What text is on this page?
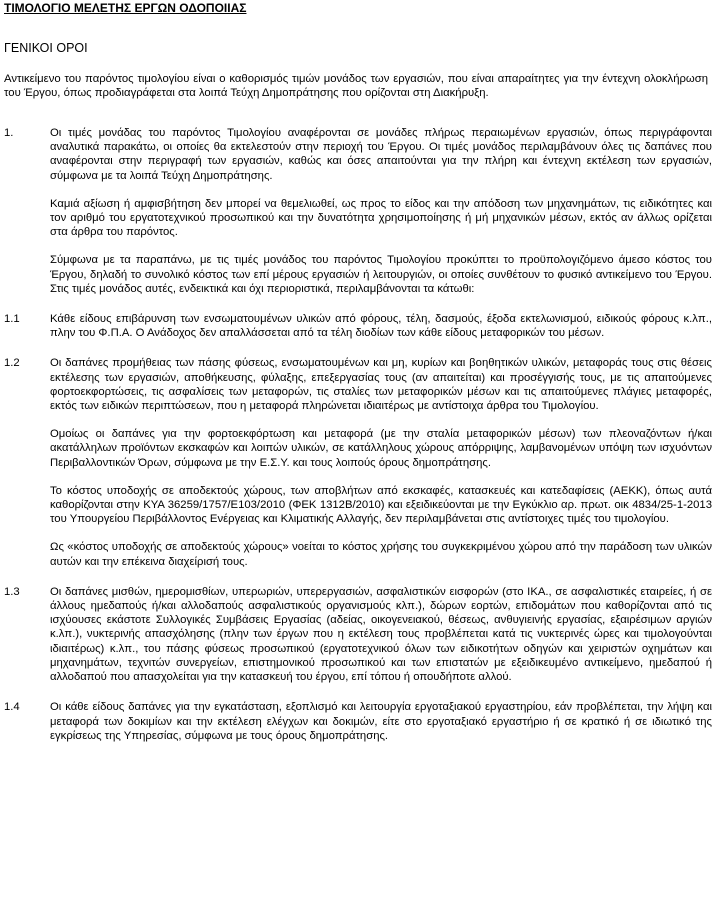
ΤΙΜΟΛΟΓΙΟ ΜΕΛΕΤΗΣ ΕΡΓΩΝ ΟΔΟΠΟΙΙΑΣ
ΓΕΝΙΚΟΙ ΟΡΟΙ
Αντικείμενο του παρόντος τιμολογίου είναι ο καθορισμός τιμών μονάδος των εργασιών, που είναι απαραίτητες για την έντεχνη ολοκλήρωση του Έργου, όπως προδιαγράφεται στα λοιπά Τεύχη Δημοπράτησης που ορίζονται στη Διακήρυξη.
1.	Οι τιμές μονάδας του παρόντος Τιμολογίου αναφέρονται σε μονάδες πλήρως περαιωμένων εργασιών, όπως περιγράφονται αναλυτικά παρακάτω, οι οποίες θα εκτελεστούν στην περιοχή του Έργου. Οι τιμές μονάδος περιλαμβάνουν όλες τις δαπάνες που αναφέρονται στην περιγραφή των εργασιών, καθώς και όσες απαιτούνται για την πλήρη και έντεχνη εκτέλεση των εργασιών, σύμφωνα με τα λοιπά Τεύχη Δημοπράτησης.

Καμιά αξίωση ή αμφισβήτηση δεν μπορεί να θεμελιωθεί, ως προς το είδος και την απόδοση των μηχανημάτων, τις ειδικότητες και τον αριθμό του εργατοτεχνικού προσωπικού και την δυνατότητα χρησιμοποίησης ή μή μηχανικών μέσων, εκτός αν άλλως ορίζεται στα άρθρα του παρόντος.

Σύμφωνα με τα παραπάνω, με τις τιμές μονάδος του παρόντος Τιμολογίου προκύπτει το προϋπολογιζόμενο άμεσο κόστος του Έργου, δηλαδή το συνολικό κόστος των επί μέρους εργασιών ή λειτουργιών, οι οποίες συνθέτουν το φυσικό αντικείμενο του Έργου. Στις τιμές μονάδος αυτές, ενδεικτικά και όχι περιοριστικά, περιλαμβάνονται τα κάτωθι:

1.1	Κάθε είδους επιβάρυνση των ενσωματουμένων υλικών από φόρους, τέλη, δασμούς, έξοδα εκτελωνισμού, ειδικούς φόρους κ.λπ., πλην του Φ.Π.Α. Ο Ανάδοχος δεν απαλλάσσεται από τα τέλη διοδίων των κάθε είδους μεταφορικών του μέσων.

1.2	Οι δαπάνες προμήθειας των πάσης φύσεως, ενσωματουμένων και μη, κυρίων και βοηθητικών υλικών, μεταφοράς τους στις θέσεις εκτέλεσης των εργασιών, αποθήκευσης, φύλαξης, επεξεργασίας τους (αν απαιτείται) και προσέγγισής τους, με τις απαιτούμενες φορτοεκφορτώσεις, τις ασφαλίσεις των μεταφορών, τις σταλίες των μεταφορικών μέσων και τις απαιτούμενες πλάγιες μεταφορές, εκτός των ειδικών περιπτώσεων, που η μεταφορά πληρώνεται ιδιαιτέρως με αντίστοιχα άρθρα του Τιμολογίου.

Ομοίως οι δαπάνες για την φορτοεκφόρτωση και μεταφορά (με την σταλία μεταφορικών μέσων) των πλεοναζόντων ή/και ακατάλληλων προϊόντων εκσκαφών και λοιπών υλικών, σε κατάλληλους χώρους απόρριψης, λαμβανομένων υπόψη των ισχυόντων Περιβαλλοντικών Όρων, σύμφωνα με την Ε.Σ.Υ. και τους λοιπούς όρους δημοπράτησης.

Το κόστος υποδοχής σε αποδεκτούς χώρους, των αποβλήτων από εκσκαφές, κατασκευές και κατεδαφίσεις (ΑΕΚΚ), όπως αυτά καθορίζονται στην ΚΥΑ 36259/1757/Ε103/2010 (ΦΕΚ 1312Β/2010) και εξειδικεύονται με την Εγκύκλιο αρ. πρωτ. οικ 4834/25-1-2013 του Υπουργείου Περιβάλλοντος Ενέργειας και Κλιματικής Αλλαγής, δεν περιλαμβάνεται στις αντίστοιχες τιμές του τιμολογίου.

Ως «κόστος υποδοχής σε αποδεκτούς χώρους» νοείται το κόστος χρήσης του συγκεκριμένου χώρου από την παράδοση των υλικών αυτών και την επέκεινα διαχείρισή τους.

1.3	Οι δαπάνες μισθών, ημερομισθίων, υπερωριών, υπερεργασιών, ασφαλιστικών εισφορών (στο ΙΚΑ., σε ασφαλιστικές εταιρείες, ή σε άλλους ημεδαπούς ή/και αλλοδαπούς ασφαλιστικούς οργανισμούς κλπ.), δώρων εορτών, επιδομάτων που καθορίζονται από τις ισχύουσες εκάστοτε Συλλογικές Συμβάσεις Εργασίας (αδείας, οικογενειακού, θέσεως, ανθυγιεινής εργασίας, εξαιρέσιμων αργιών κ.λπ.), νυκτερινής απασχόλησης (πλην των έργων που η εκτέλεση τους προβλέπεται κατά τις νυκτερινές ώρες και τιμολογούνται ιδιαιτέρως) κ.λπ., του πάσης φύσεως προσωπικού (εργατοτεχνικού όλων των ειδικοτήτων οδηγών και χειριστών οχημάτων και μηχανημάτων, τεχνιτών συνεργείων, επιστημονικού προσωπικού και των επιστατών με εξειδικευμένο αντικείμενο, ημεδαπού ή αλλοδαπού που απασχολείται για την κατασκευή του έργου, επί τόπου ή οπουδήποτε αλλού.

1.4	Οι κάθε είδους δαπάνες για την εγκατάσταση, εξοπλισμό και λειτουργία εργοταξιακού εργαστηρίου, εάν προβλέπεται, την λήψη και μεταφορά των δοκιμίων και την εκτέλεση ελέγχων και δοκιμών, είτε στο εργοταξιακό εργαστήριο ή σε κρατικό ή σε ιδιωτικό της εγκρίσεως της Υπηρεσίας, σύμφωνα με τους όρους δημοπράτησης.
